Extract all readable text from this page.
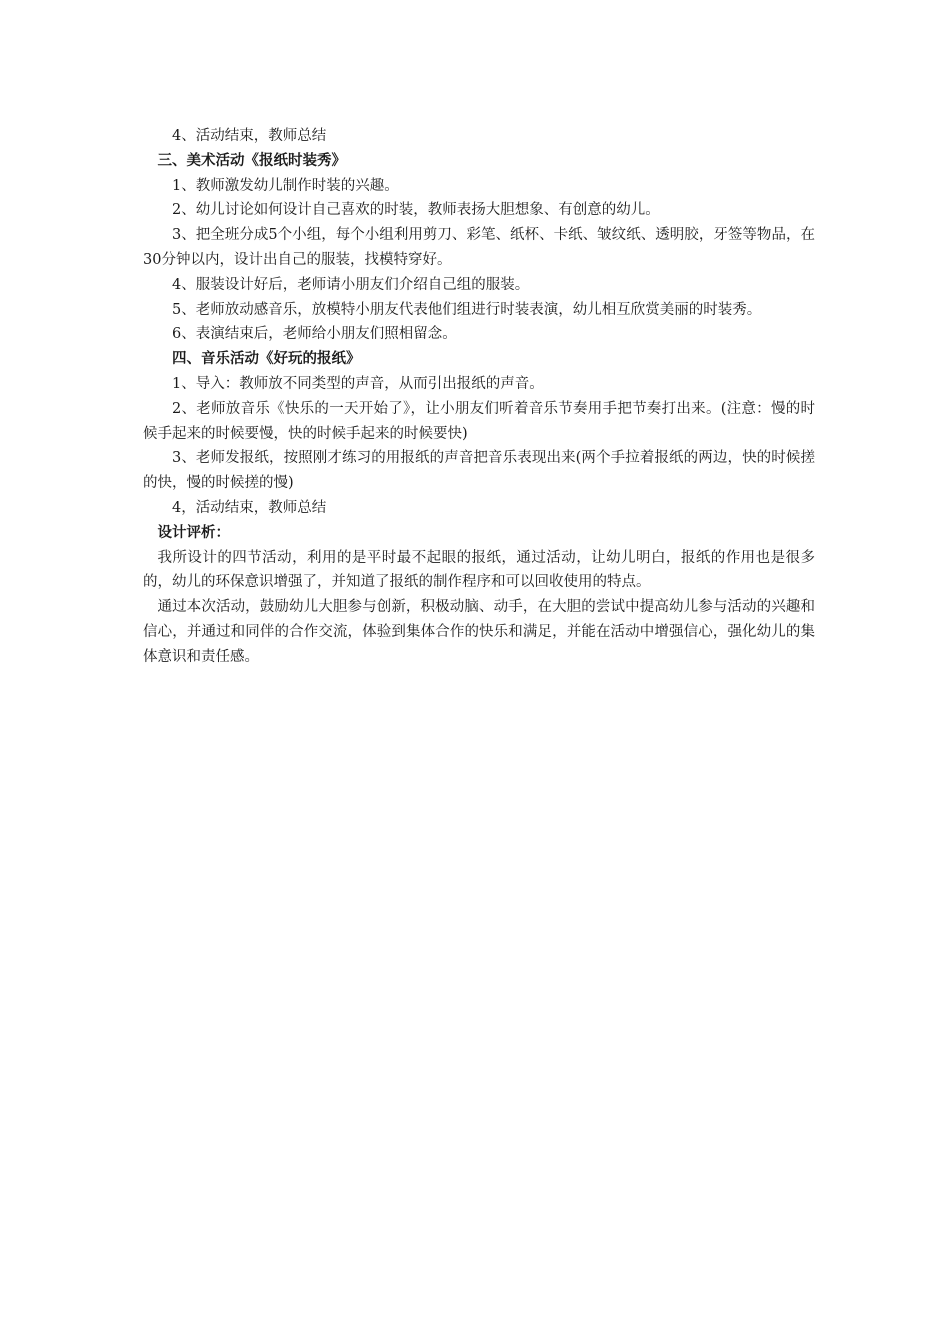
4、活动结束，教师总结

三、美术活动《报纸时装秀》

1、教师激发幼儿制作时装的兴趣。

2、幼儿讨论如何设计自己喜欢的时装，教师表扬大胆想象、有创意的幼儿。

3、把全班分成5个小组，每个小组利用剪刀、彩笔、纸杯、卡纸、皱纹纸、透明胶，牙签等物品，在30分钟以内，设计出自己的服装，找模特穿好。

4、服装设计好后，老师请小朋友们介绍自己组的服装。

5、老师放动感音乐，放模特小朋友代表他们组进行时装表演，幼儿相互欣赏美丽的时装秀。

6、表演结束后，老师给小朋友们照相留念。

四、音乐活动《好玩的报纸》

1、导入：教师放不同类型的声音，从而引出报纸的声音。

2、老师放音乐《快乐的一天开始了》，让小朋友们听着音乐节奏用手把节奏打出来。(注意：慢的时候手起来的时候要慢，快的时候手起来的时候要快)

3、老师发报纸，按照刚才练习的用报纸的声音把音乐表现出来(两个手拉着报纸的两边，快的时候搓的快，慢的时候搓的慢)

4，活动结束，教师总结

设计评析：

我所设计的四节活动，利用的是平时最不起眼的报纸，通过活动，让幼儿明白，报纸的作用也是很多的，幼儿的环保意识增强了，并知道了报纸的制作程序和可以回收使用的特点。

通过本次活动，鼓励幼儿大胆参与创新，积极动脑、动手，在大胆的尝试中提高幼儿参与活动的兴趣和信心，并通过和同伴的合作交流，体验到集体合作的快乐和满足，并能在活动中增强信心，强化幼儿的集体意识和责任感。
